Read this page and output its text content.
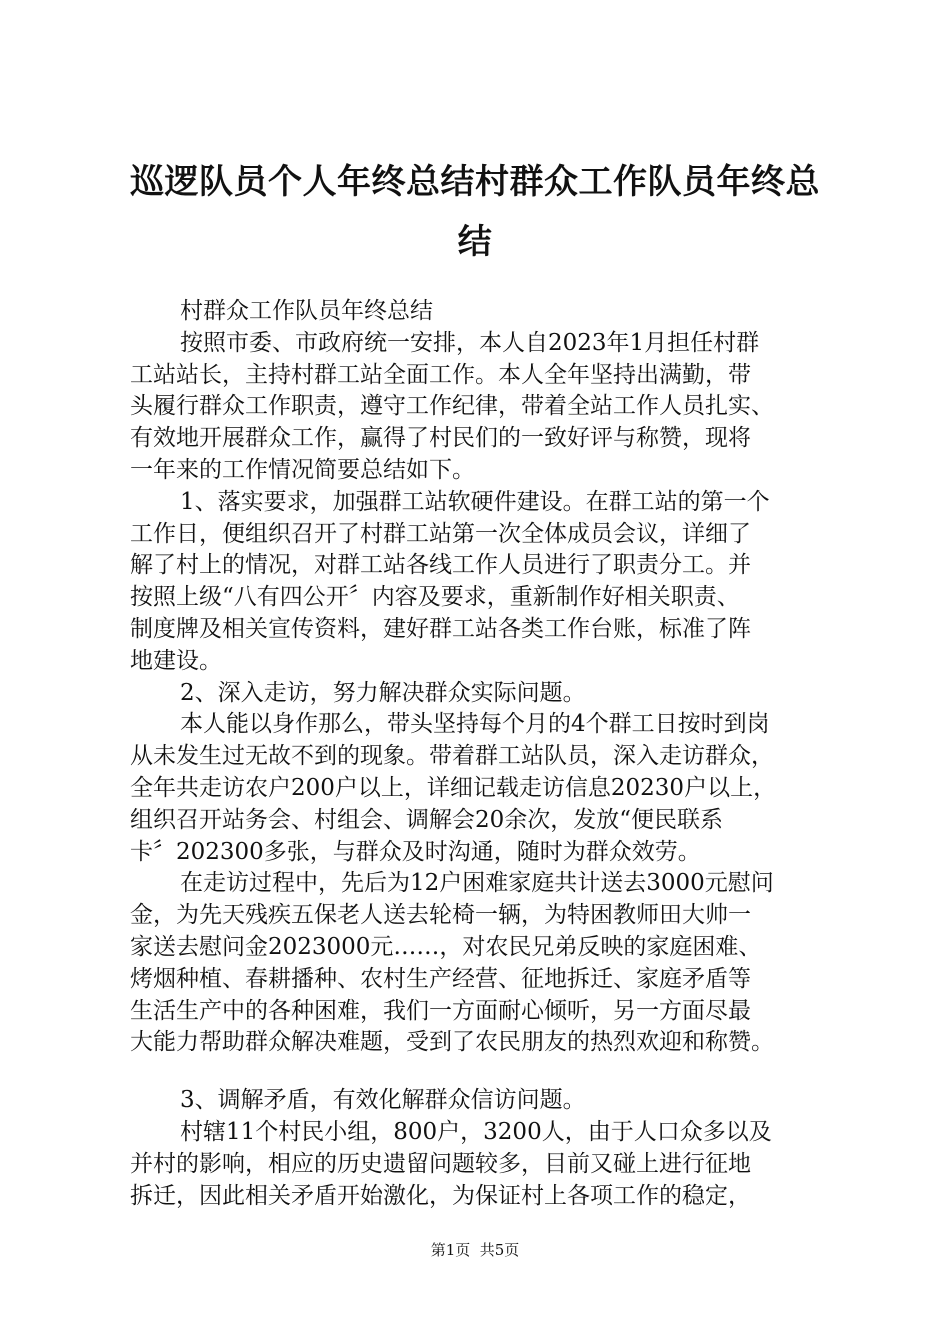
巡逻队员个人年终总结村群众工作队员年终总
结
村群众工作队员年终总结
按照市委、市政府统一安排，本人自2023年1月担任村群
工站站长，主持村群工站全面工作。本人全年坚持出满勤，带
头履行群众工作职责，遵守工作纪律，带着全站工作人员扎实、
有效地开展群众工作，赢得了村民们的一致好评与称赞，现将
一年来的工作情况简要总结如下。
1、落实要求，加强群工站软硬件建设。在群工站的第一个
工作日，便组织召开了村群工站第一次全体成员会议，详细了
解了村上的情况，对群工站各线工作人员进行了职责分工。并
按照上级“八有四公开〞内容及要求，重新制作好相关职责、
制度牌及相关宣传资料，建好群工站各类工作台账，标准了阵
地建设。
2、深入走访，努力解决群众实际问题。
本人能以身作那么，带头坚持每个月的4个群工日按时到岗
从未发生过无故不到的现象。带着群工站队员，深入走访群众，
全年共走访农户200户以上，详细记载走访信息20230户以上，
组织召开站务会、村组会、调解会20余次，发放“便民联系
卡〞202300多张，与群众及时沟通，随时为群众效劳。
在走访过程中，先后为12户困难家庭共计送去3000元慰问
金，为先天残疾五保老人送去轮椅一辆，为特困教师田大帅一
家送去慰问金2023000元……，对农民兄弟反映的家庭困难、
烤烟种植、春耕播种、农村生产经营、征地拆迁、家庭矛盾等
生活生产中的各种困难，我们一方面耐心倾听，另一方面尽最
大能力帮助群众解决难题，受到了农民朋友的热烈欢迎和称赞。
3、调解矛盾，有效化解群众信访问题。
村辖11个村民小组，800户，3200人，由于人口众多以及
并村的影响，相应的历史遗留问题较多，目前又碰上进行征地
拆迁，因此相关矛盾开始激化，为保证村上各项工作的稳定，
第1页  共5页
